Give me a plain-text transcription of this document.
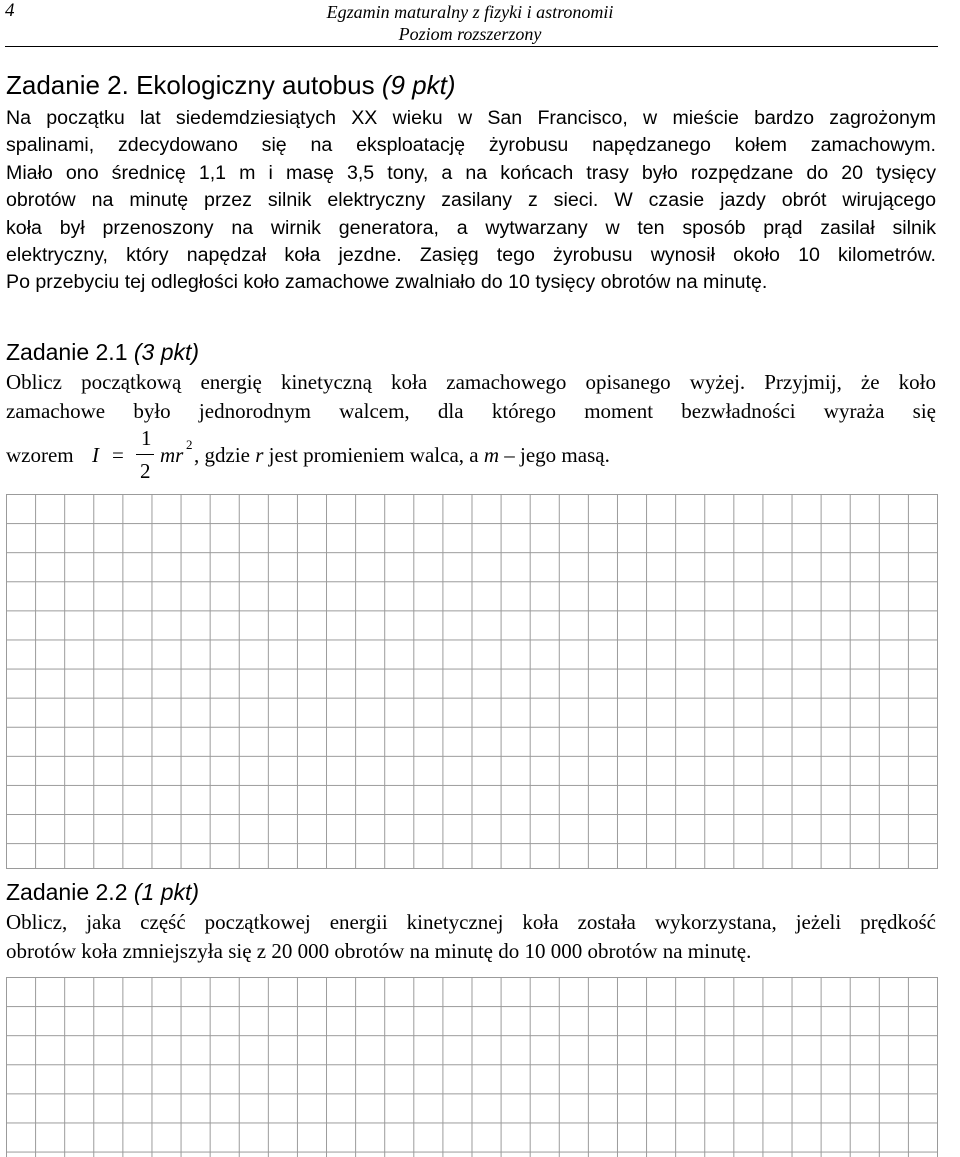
4	Egzamin maturalny z fizyki i astronomii
Poziom rozszerzony
Zadanie 2. Ekologiczny autobus (9 pkt)
Na początku lat siedemdziesiątych XX wieku w San Francisco, w mieście bardzo zagrożonym
spalinami, zdecydowano się na eksploatację żyrobusu napędzanego kołem zamachowym.
Miało ono średnicę 1,1 m i masę 3,5 tony, a na końcach trasy było rozpędzane do 20 tysięcy
obrotów na minutę przez silnik elektryczny zasilany z sieci. W czasie jazdy obrót wirującego
koła był przenoszony na wirnik generatora, a wytwarzany w ten sposób prąd zasilał silnik
elektryczny, który napędzał koła jezdne. Zasięg tego żyrobusu wynosił około 10 kilometrów.
Po przebyciu tej odległości koło zamachowe zwalniało do 10 tysięcy obrotów na minutę.
Zadanie 2.1 (3 pkt)
Oblicz początkową energię kinetyczną koła zamachowego opisanego wyżej. Przyjmij, że koło
zamachowe było jednorodnym walcem, dla którego moment bezwładności wyraża się
wzorem I =
1
2
mr 2 , gdzie r jest promieniem walca, a m – jego masą.
Zadanie 2.2 (1 pkt)
Oblicz, jaka część początkowej energii kinetycznej koła została wykorzystana, jeżeli prędkość
obrotów koła zmniejszyła się z 20 000 obrotów na minutę do 10 000 obrotów na minutę.
